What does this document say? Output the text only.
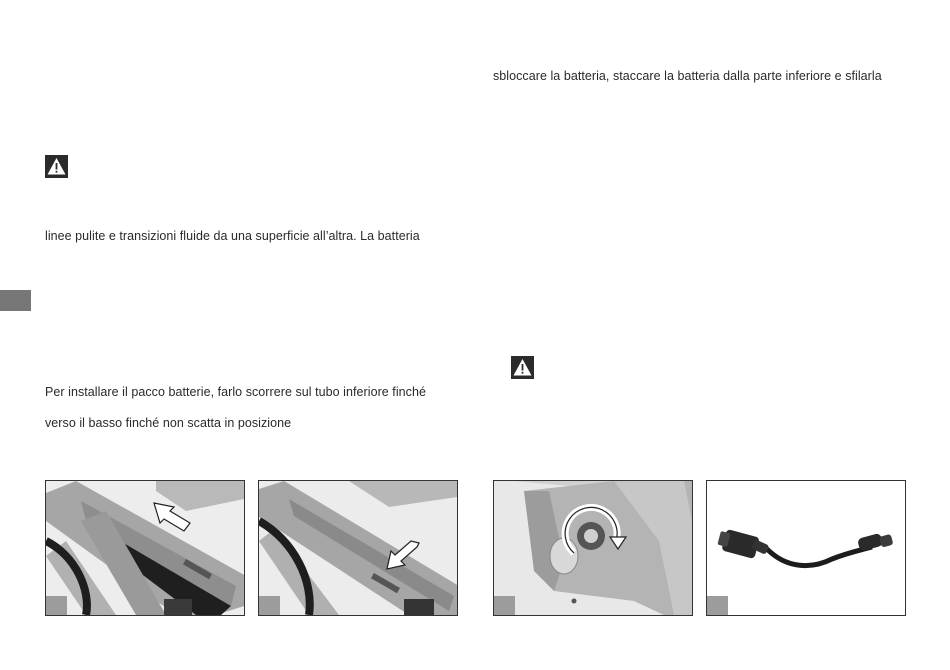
linee pulite e transizioni fluide da una superficie all’altra. La batteria
Per installare il pacco batterie, farlo scorrere sul tubo inferiore finché
verso il basso finché non scatta in posizione
sbloccare la batteria, staccare la batteria dalla parte inferiore e sfilarla
